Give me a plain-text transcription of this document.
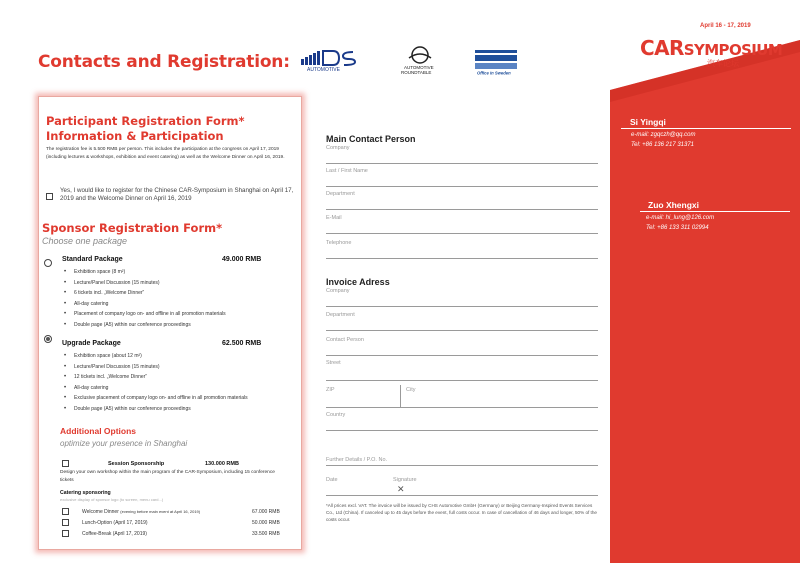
Contacts and Registration:
April 16 - 17, 2019
CARSYMPOSIUM
汽车论坛
AUTOMOTIVE	AUTOMOTIVE
ROUNDTABLE	Office in Sweden
Participant Registration Form*
Information & Participation
The registration fee is 5.500 RMB per person. This includes the participation at the congress on April 17, 2019 (including lectures & workshops, exhibition and event catering) as well as the Welcome Dinner on April 16, 2019.
Yes, I would like to register for the Chinese CAR-Symposium in Shanghai on April 17, 2019 and the Welcome Dinner on April 16, 2019
Sponsor Registration Form*
Choose one package
Standard Package	49.000 RMB
• Exhibition space (8 m²)
• Lecture/Panel Discussion (15 minutes)
• 6 tickets incl. „Welcome Dinner“
• All-day catering
• Placement of company logo on- and offline in all promotion materials
• Double page (A5) within our conference proceedings
Upgrade Package	62.500 RMB
• Exhibition space (about 12 m²)
• Lecture/Panel Discussion (15 minutes)
• 12 tickets incl. „Welcome Dinner“
• All-day catering
• Exclusive placement of company logo on- and offline in all promotion materials
• Double page (A5) within our conference proceedings
Additional Options
optimize your presence in Shanghai
Session Sponsorship	130.000 RMB
Design your own workshop within the main program of the CAR-Symposium, including 15 conference tickets
Catering sponsoring
exclusive display of sponsor logo (to screen, menu card...)
Welcome Dinner (evening before main event at April 16, 2019)	67.000 RMB
Lunch-Option (April 17, 2019)	50.000 RMB
Coffee-Break (April 17, 2019)	33.500 RMB
Main Contact Person
Company
Last / First Name
Department
E-Mail
Telephone
Invoice Adress
Company
Department
Contact Person
Street
ZIP	City
Country
Further Details / P.O. No.
Date	Signature
✕
*All prices excl. VAT. The invoice will be issued by CHS Automotive GmbH (Germany) or Beijing Germany-Inspired Events Services Co., Ltd (China). If canceled up to 45 days before the event, full costs occur. In case of cancellation of 46 days and longer, 50% of the costs occur.
Si Yingqi
e-mail: zgqczh@qq.com
Tel: +86 136 217 31371
Zuo Xhengxi
e-mail: hi_lung@126.com
Tel: +86 133 311 02994
